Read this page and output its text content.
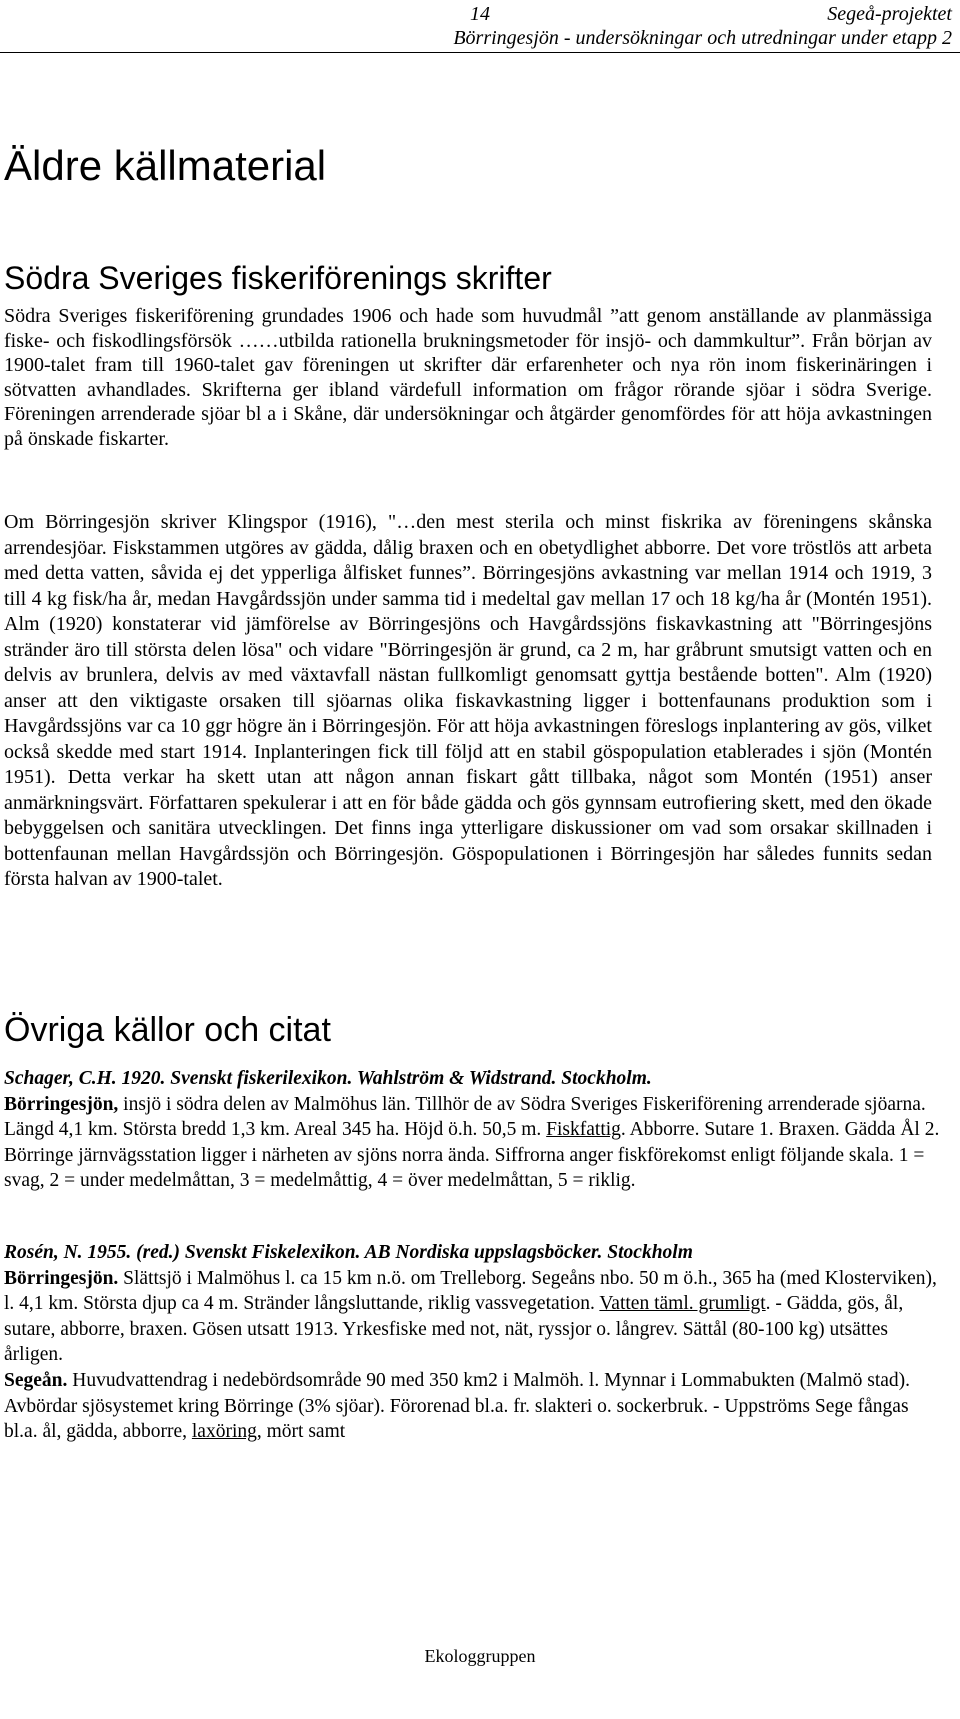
14	Segeå-projektet
Börringesjön - undersökningar och utredningar under etapp 2
Äldre källmaterial
Södra Sveriges fiskeriförenings skrifter

Södra Sveriges fiskeriförening grundades 1906 och hade som huvudmål ”att genom anställande av planmässiga fiske- och fiskodlingsförsök ……utbilda rationella brukningsmetoder för insjö- och dammkultur”. Från början av 1900-talet fram till 1960-talet gav föreningen ut skrifter där erfarenheter och nya rön inom fiskerinäringen i sötvatten avhandlades. Skrifterna ger ibland värdefull information om frågor rörande sjöar i södra Sverige. Föreningen arrenderade sjöar bl a i Skåne, där undersökningar och åtgärder genomfördes för att höja avkastningen på önskade fiskarter.

Om Börringesjön skriver Klingspor (1916), "…den mest sterila och minst fiskrika av föreningens skånska arrendesjöar. Fiskstammen utgöres av gädda, dålig braxen och en obetydlighet abborre. Det vore tröstlös att arbeta med detta vatten, såvida ej det ypperliga ålfisket funnes”. Börringesjöns avkastning var mellan 1914 och 1919, 3 till 4 kg fisk/ha år, medan Havgårdssjön under samma tid i medeltal gav mellan 17 och 18 kg/ha år (Montén 1951). Alm (1920) konstaterar vid jämförelse av Börringesjöns och Havgårdssjöns fiskavkastning att "Börringesjöns stränder äro till största delen lösa" och vidare "Börringesjön är grund, ca 2 m, har gråbrunt smutsigt vatten och en delvis av brunlera, delvis av med växtavfall nästan fullkomligt genomsatt gyttja bestående botten". Alm (1920) anser att den viktigaste orsaken till sjöarnas olika fiskavkastning ligger i bottenfaunans produktion som i Havgårdssjöns var ca 10 ggr högre än i Börringesjön. För att höja avkastningen föreslogs inplantering av gös, vilket också skedde med start 1914. Inplanteringen fick till följd att en stabil göspopulation etablerades i sjön (Montén 1951). Detta verkar ha skett utan att någon annan fiskart gått tillbaka, något som Montén (1951) anser anmärkningsvärt. Författaren spekulerar i att en för både gädda och gös gynnsam eutrofiering skett, med den ökade bebyggelsen och sanitära utvecklingen. Det finns inga ytterligare diskussioner om vad som orsakar skillnaden i bottenfaunan mellan Havgårdssjön och Börringesjön. Göspopulationen i Börringesjön har således funnits sedan första halvan av 1900-talet.

Övriga källor och citat
Schager, C.H. 1920. Svenskt fiskerilexikon. Wahlström & Widstrand. Stockholm.
Börringesjön, insjö i södra delen av Malmöhus län. Tillhör de av Södra Sveriges Fiskeriförening arrenderade sjöarna. Längd 4,1 km. Största bredd 1,3 km. Areal 345 ha. Höjd ö.h. 50,5 m. Fiskfattig. Abborre. Sutare 1. Braxen. Gädda Ål 2. Börringe järnvägsstation ligger i närheten av sjöns norra ända. Siffrorna anger fiskförekomst enligt följande skala. 1 = svag, 2 = under medelmåttan, 3 = medelmåttig, 4 = över medelmåttan, 5 = riklig.
Rosén, N. 1955. (red.) Svenskt Fiskelexikon. AB Nordiska uppslagsböcker. Stockholm
Börringesjön. Slättsjö i Malmöhus l. ca 15 km n.ö. om Trelleborg. Segeåns nbo. 50 m ö.h., 365 ha (med Klosterviken), l. 4,1 km. Största djup ca 4 m. Stränder långsluttande, riklig vassvegetation. Vatten täml. grumligt. - Gädda, gös, ål, sutare, abborre, braxen. Gösen utsatt 1913. Yrkesfiske med not, nät, ryssjor o. långrev. Sättål (80-100 kg) utsättes årligen.
Segeån. Huvudvattendrag i nedebördsområde 90 med 350 km2 i Malmöh. l. Mynnar i Lommabukten (Malmö stad). Avbördar sjösystemet kring Börringe (3% sjöar). Förorenad bl.a. fr. slakteri o. sockerbruk. - Uppströms Sege fångas bl.a. ål, gädda, abborre, laxöring, mört samt
Ekologgruppen
